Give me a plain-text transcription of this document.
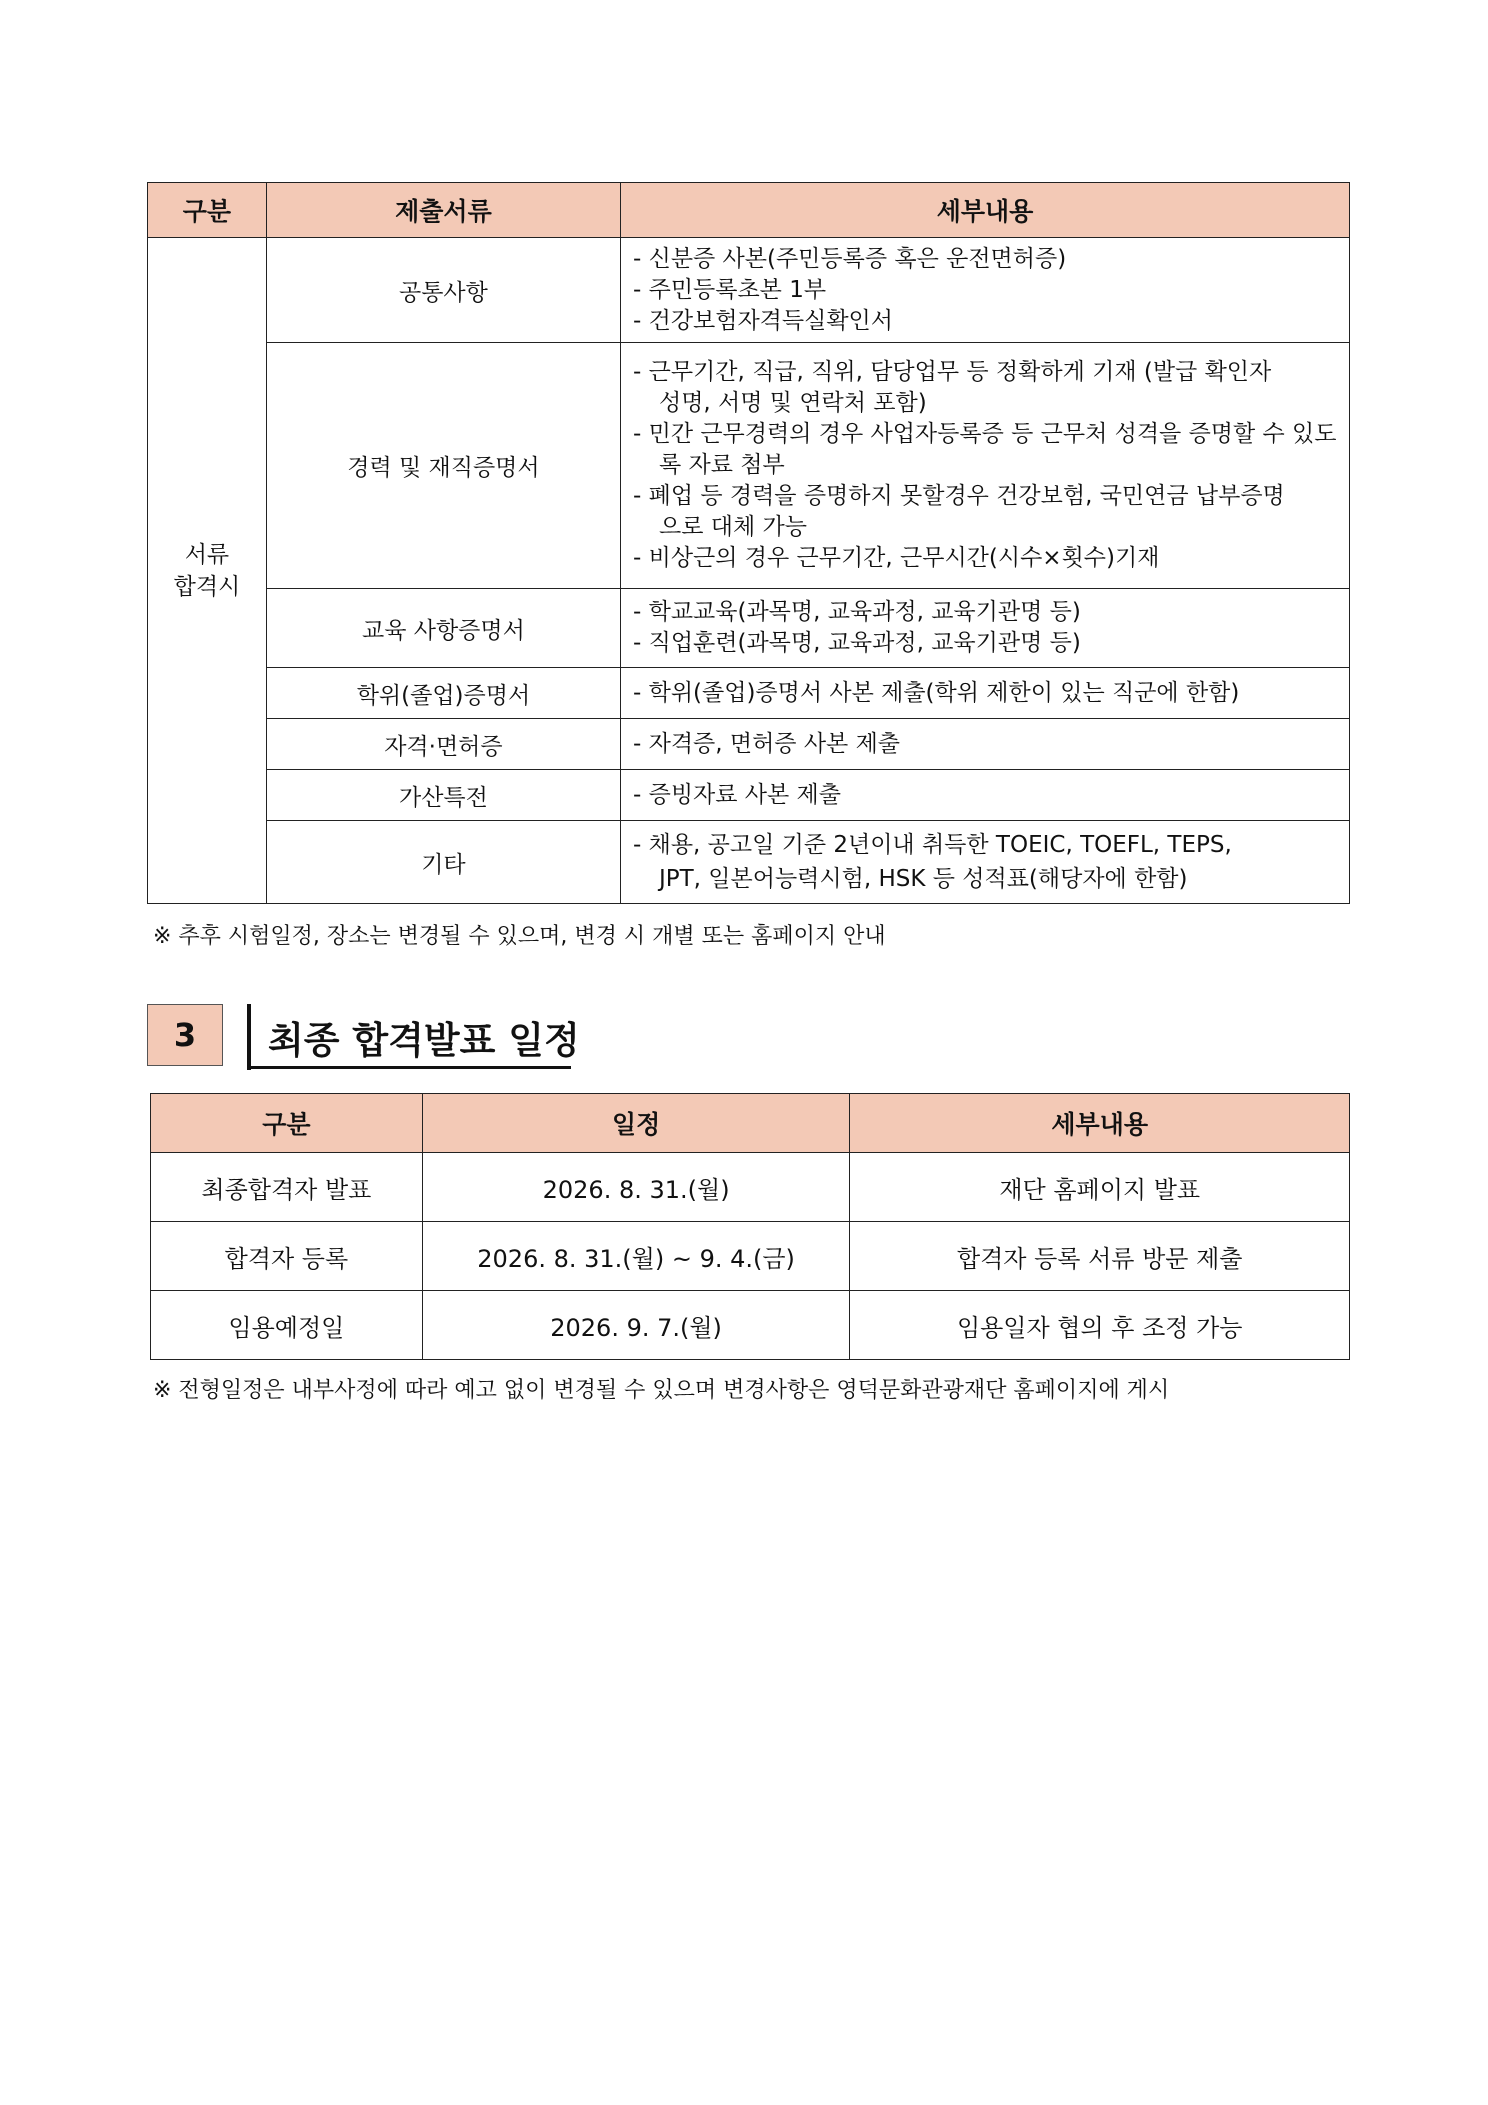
구분	제출서류	세부내용
서류
합격시	공통사항	- 신분증 사본(주민등록증 혹은 운전면허증)
- 주민등록초본 1부
- 건강보험자격득실확인서

	경력 및 재직증명서	- 근무기간, 직급, 직위, 담당업무 등 정확하게 기재 (발급 확인자 성명, 서명 및 연락처 포함)
- 민간 근무경력의 경우 사업자등록증 등 근무처 성격을 증명할 수 있도록 자료 첨부
- 폐업 등 경력을 증명하지 못할경우 건강보험, 국민연금 납부증명으로 대체 가능
- 비상근의 경우 근무기간, 근무시간(시수×횟수)기재

	교육 사항증명서	- 학교교육(과목명, 교육과정, 교육기관명 등)
- 직업훈련(과목명, 교육과정, 교육기관명 등)

	학위(졸업)증명서	- 학위(졸업)증명서 사본 제출(학위 제한이 있는 직군에 한함)

	자격·면허증	- 자격증, 면허증 사본 제출

	가산특전	- 증빙자료 사본 제출

	기타	- 채용, 공고일 기준 2년이내 취득한 TOEIC, TOEFL, TEPS, JPT, 일본어능력시험, HSK 등 성적표(해당자에 한함)
※ 추후 시험일정, 장소는 변경될 수 있으며, 변경 시 개별 또는 홈페이지 안내
3	최종 합격발표 일정
구분	일정	세부내용
최종합격자 발표	2026. 8. 31.(월)	재단 홈페이지 발표
합격자 등록	2026. 8. 31.(월) ~ 9. 4.(금)	합격자 등록 서류 방문 제출
임용예정일	2026. 9. 7.(월)	임용일자 협의 후 조정 가능
※ 전형일정은 내부사정에 따라 예고 없이 변경될 수 있으며 변경사항은 영덕문화관광재단 홈페이지에 게시
